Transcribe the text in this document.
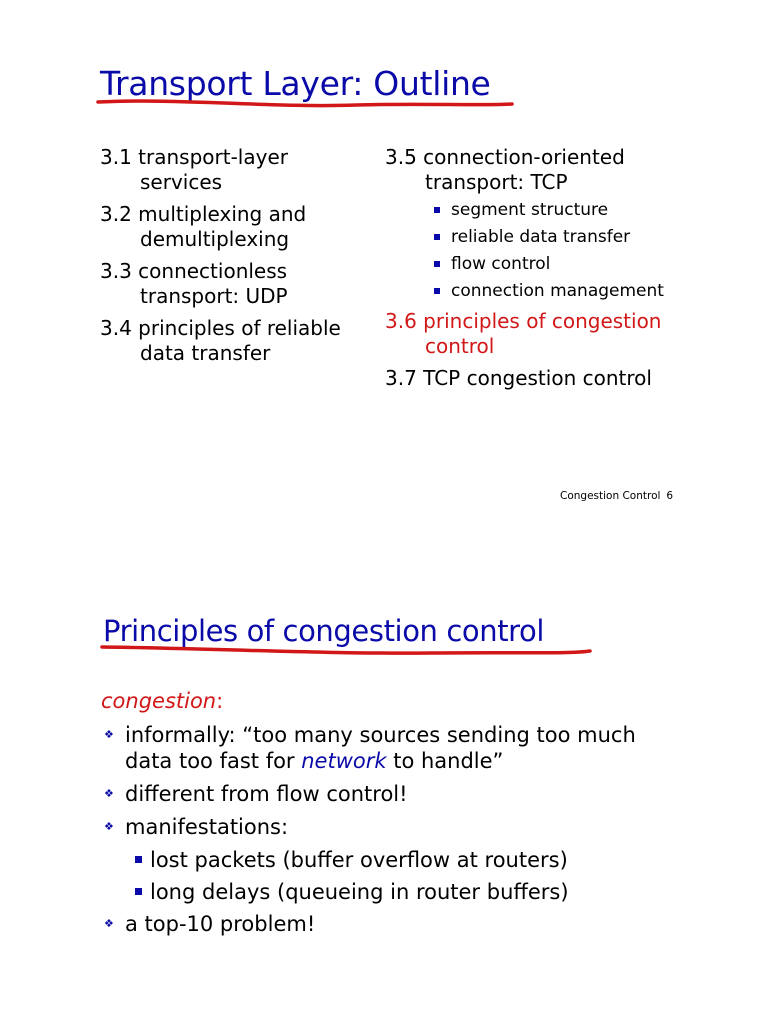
Transport Layer: Outline
3.1 transport-layer
services
3.2 multiplexing and
demultiplexing
3.3 connectionless
transport: UDP
3.4 principles of reliable
data transfer
3.5 connection-oriented
transport: TCP
segment structure
reliable data transfer
flow control
connection management
3.6 principles of congestion
control
3.7 TCP congestion control
Congestion Control 6
Principles of congestion control
congestion:
❖ informally: “too many sources sending too much
data too fast for network to handle”
❖ different from flow control!
❖ manifestations:
lost packets (buffer overflow at routers)
long delays (queueing in router buffers)
❖ a top-10 problem!
